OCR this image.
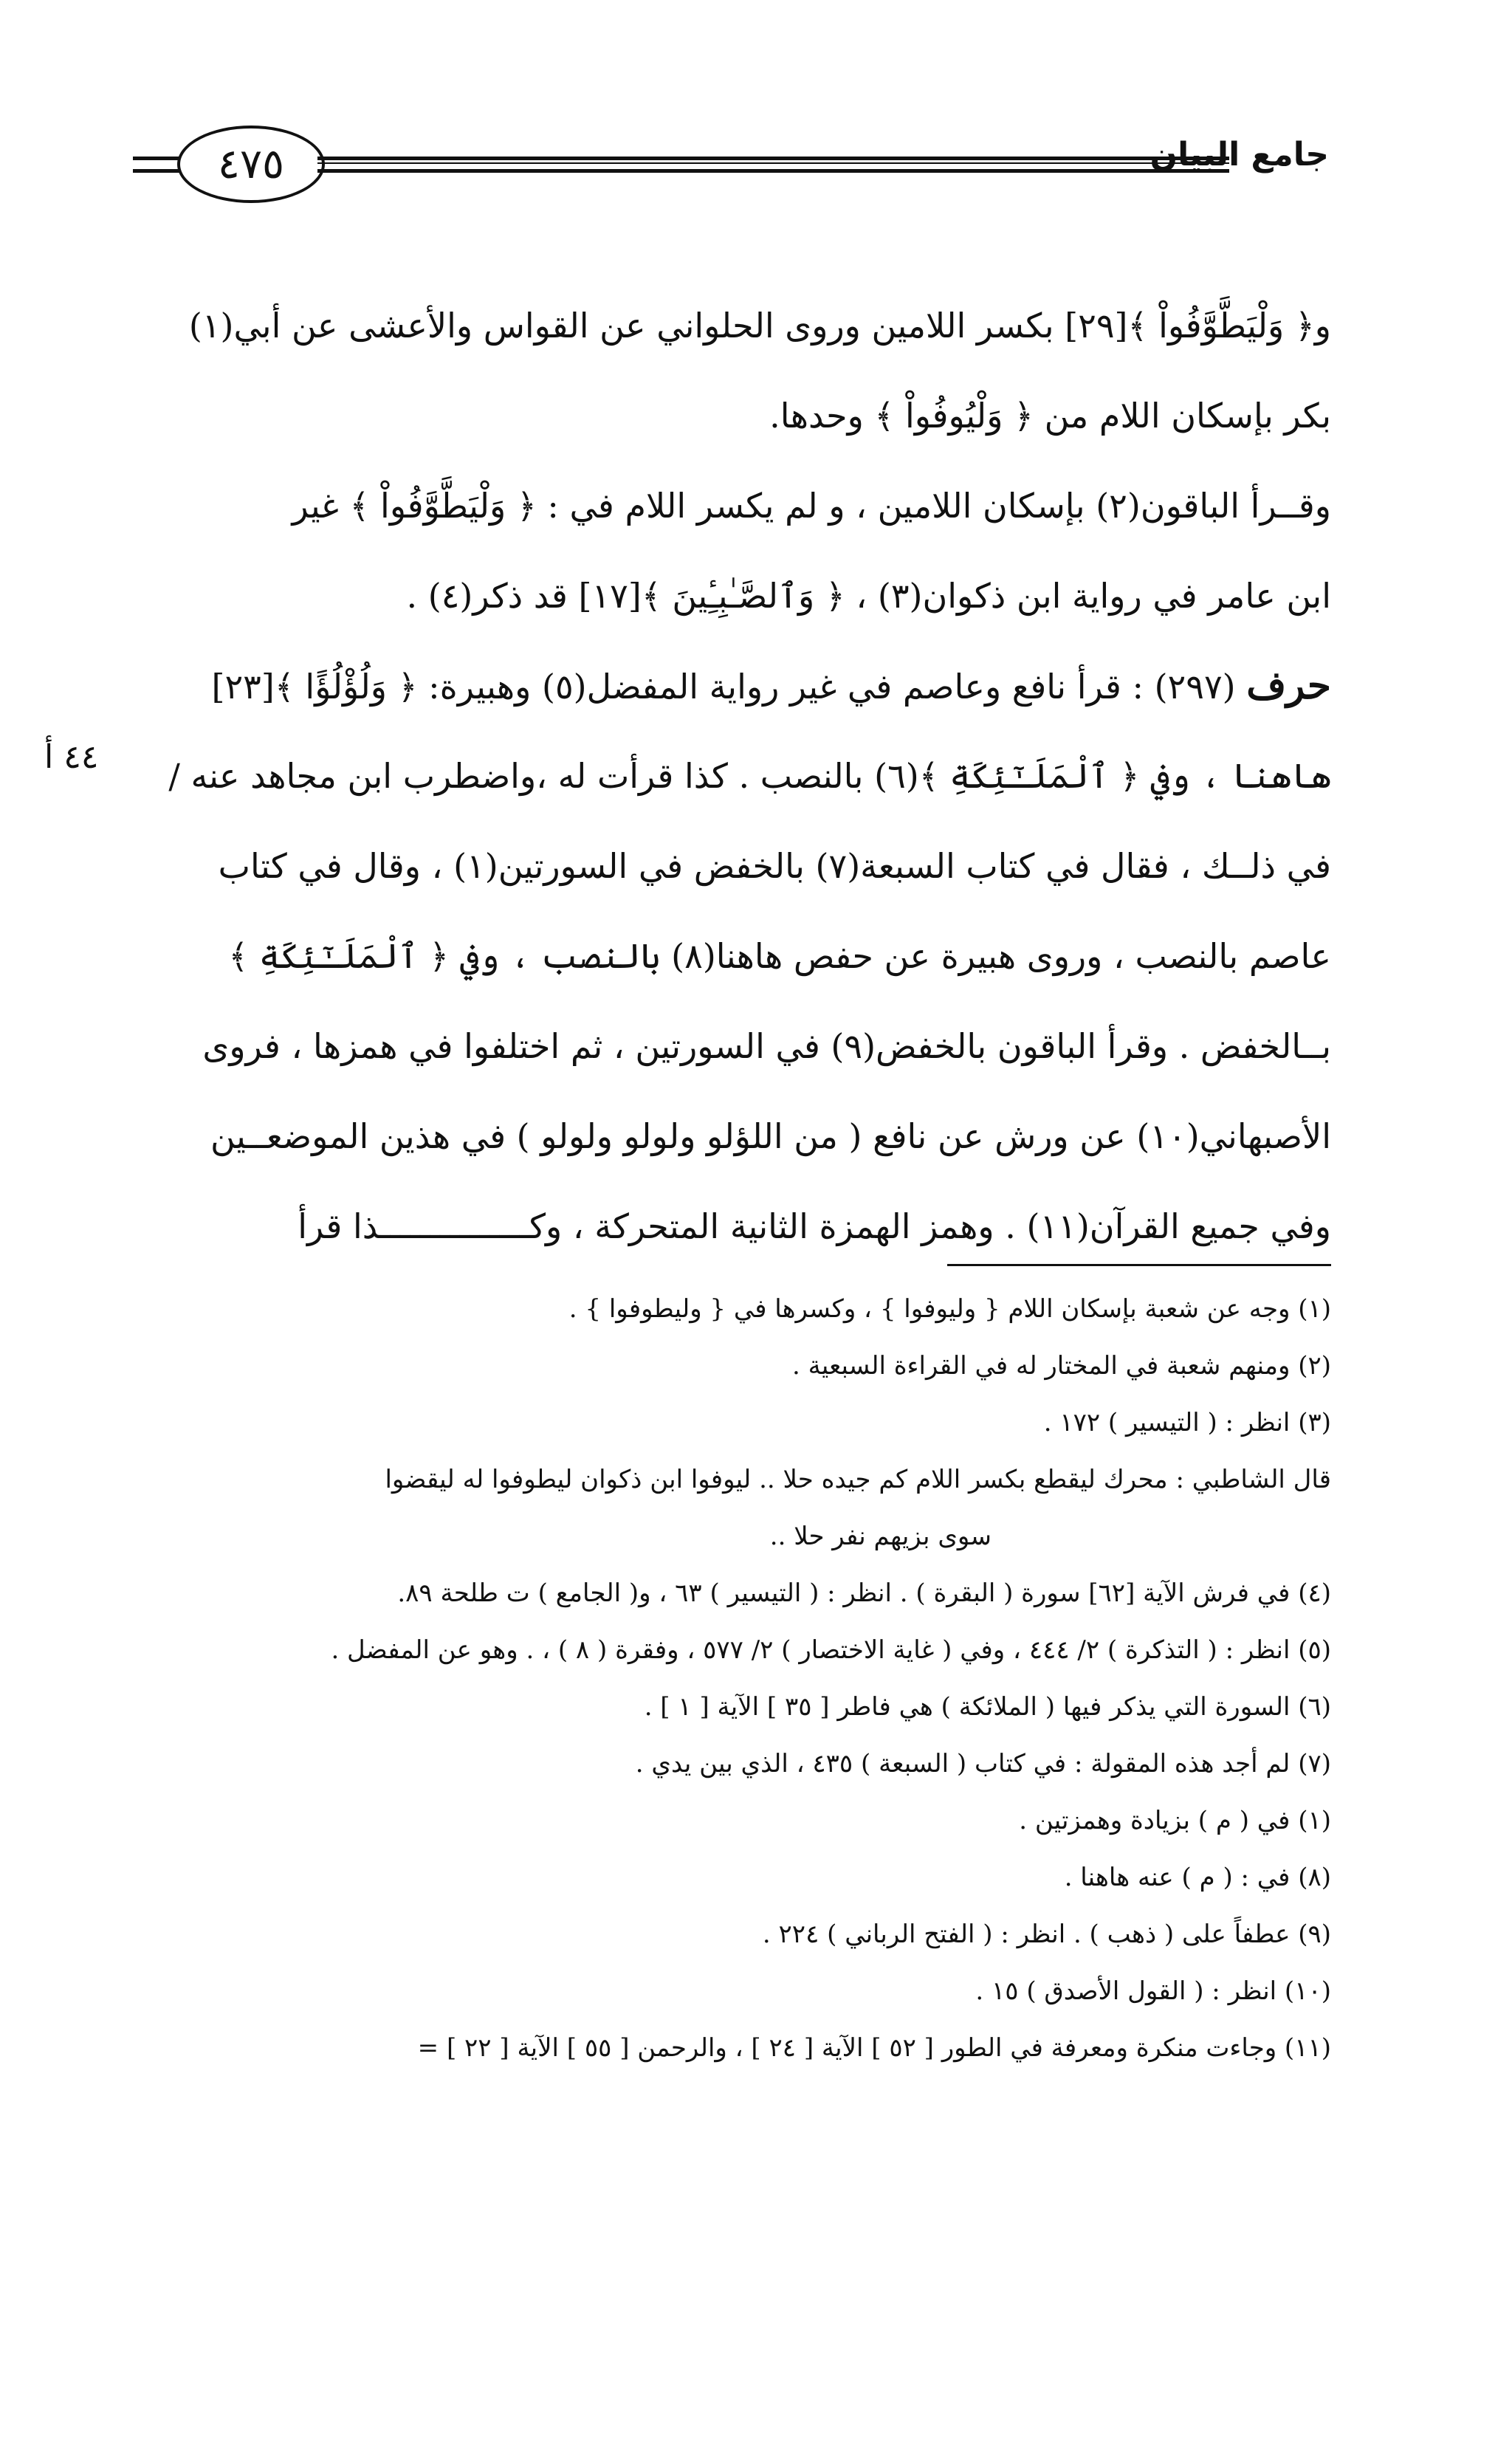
٤٧٥	جامع البيان
٤٤ أ
و﴿ وَلْيَطَّوَّفُواْ ﴾[٢٩] بكسر اللامين وروى الحلواني عن القواس والأعشى عن أبي(١)
بكر بإسكان اللام من ﴿ وَلْيُوفُواْ ﴾ وحدها.
وقــرأ الباقون(٢) بإسكان اللامين ، و لم يكسر اللام في : ﴿ وَلْيَطَّوَّفُواْ ﴾ غير
ابن عامر في رواية ابن ذكوان(٣) ، ﴿ وَٱلصَّـٰبِـِٔينَ ﴾[١٧] قد ذكر(٤) .
حرف (٢٩٧) : قرأ نافع وعاصم في غير رواية المفضل(٥) وهبيرة: ﴿ وَلُؤْلُؤًا ﴾[٢٣]
هاهنا ، وفي ﴿ ٱلْمَلَـٰٓئِكَةِ ﴾(٦) بالنصب . كذا قرأت له ،واضطرب ابن مجاهد عنه /
في ذلــك ، فقال في كتاب السبعة(٧) بالخفض في السورتين(١) ، وقال في كتاب
عاصم بالنصب ، وروى هبيرة عن حفص هاهنا(٨) بالنصب ، وفي ﴿ ٱلْمَلَـٰٓئِكَةِ ﴾
بــالخفض . وقرأ الباقون بالخفض(٩) في السورتين ، ثم اختلفوا في همزها ، فروى
الأصبهاني(١٠) عن ورش عن نافع ( من اللؤلو ولولو ولولو ) في هذين الموضعــين
وفي جميع القرآن(١١) . وهمز الهمزة الثانية المتحركة ، وكـــــــــــــــذا قرأ
(١) وجه عن شعبة بإسكان اللام { وليوفوا } ، وكسرها في { وليطوفوا } .
(٢) ومنهم شعبة في المختار له في القراءة السبعية .
(٣) انظر : ( التيسير ) ١٧٢ .
قال الشاطبي : محرك ليقطع بكسر اللام كم جيده حلا .. ليوفوا ابن ذكوان ليطوفوا له ليقضوا
سوى بزيهم نفر حلا ..
(٤) في فرش الآية [٦٢] سورة ( البقرة ) . انظر : ( التيسير ) ٦٣ ، و( الجامع ) ت طلحة ٨٩.
(٥) انظر : ( التذكرة ) ٢/ ٤٤٤ ، وفي ( غاية الاختصار ) ٢/ ٥٧٧ ، وفقرة ( ٨ ) ، . وهو عن المفضل .
(٦) السورة التي يذكر فيها ( الملائكة ) هي فاطر [ ٣٥ ] الآية [ ١ ] .
(٧) لم أجد هذه المقولة : في كتاب ( السبعة ) ٤٣٥ ، الذي بين يدي .
(١) في ( م ) بزيادة وهمزتين .
(٨) في : ( م ) عنه هاهنا .
(٩) عطفاً على ( ذهب ) . انظر : ( الفتح الرباني ) ٢٢٤ .
(١٠) انظر : ( القول الأصدق ) ١٥ .
(١١) وجاءت منكرة ومعرفة في الطور [ ٥٢ ] الآية [ ٢٤ ] ، والرحمن [ ٥٥ ] الآية [ ٢٢ ] =
